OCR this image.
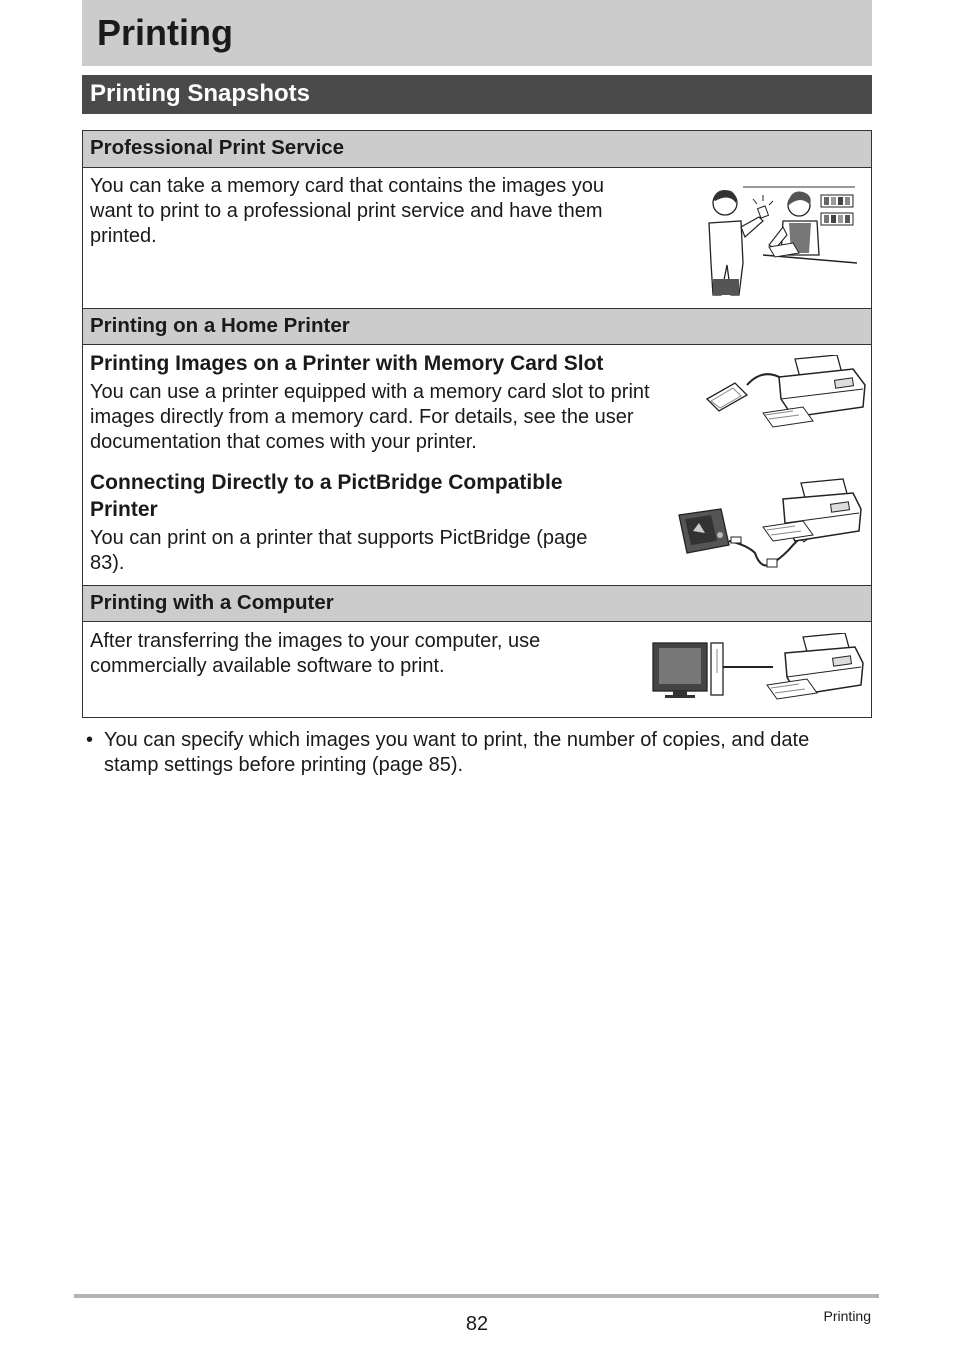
Printing
Printing Snapshots
Professional Print Service
You can take a memory card that contains the images you
want to print to a professional print service and have them
printed.
Printing on a Home Printer
Printing Images on a Printer with Memory Card Slot
You can use a printer equipped with a memory card slot to print
images directly from a memory card. For details, see the user
documentation that comes with your printer.
Connecting Directly to a PictBridge Compatible
Printer
You can print on a printer that supports PictBridge (page
83).
Printing with a Computer
After transferring the images to your computer, use
commercially available software to print.
• You can specify which images you want to print, the number of copies, and date
stamp settings before printing (page 85).
82	Printing
